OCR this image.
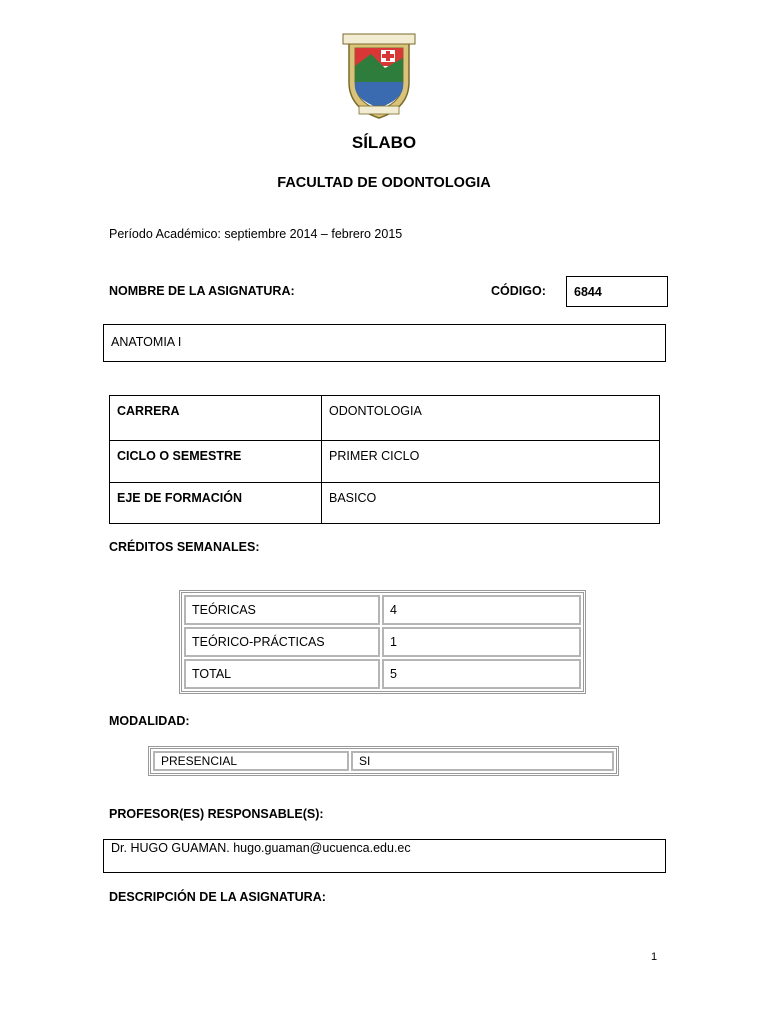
SÍLABO
FACULTAD DE ODONTOLOGIA
Período Académico: septiembre 2014 – febrero 2015
NOMBRE DE LA ASIGNATURA:	CÓDIGO:	6844
ANATOMIA I
CARRERA	ODONTOLOGIA
CICLO O SEMESTRE	PRIMER CICLO
EJE DE FORMACIÓN	BASICO
CRÉDITOS SEMANALES:
TEÓRICAS	4
TEÓRICO-PRÁCTICAS	1
TOTAL	5
MODALIDAD:
PRESENCIAL	SI
PROFESOR(ES) RESPONSABLE(S):
Dr. HUGO GUAMAN. hugo.guaman@ucuenca.edu.ec
DESCRIPCIÓN DE LA ASIGNATURA:
1
